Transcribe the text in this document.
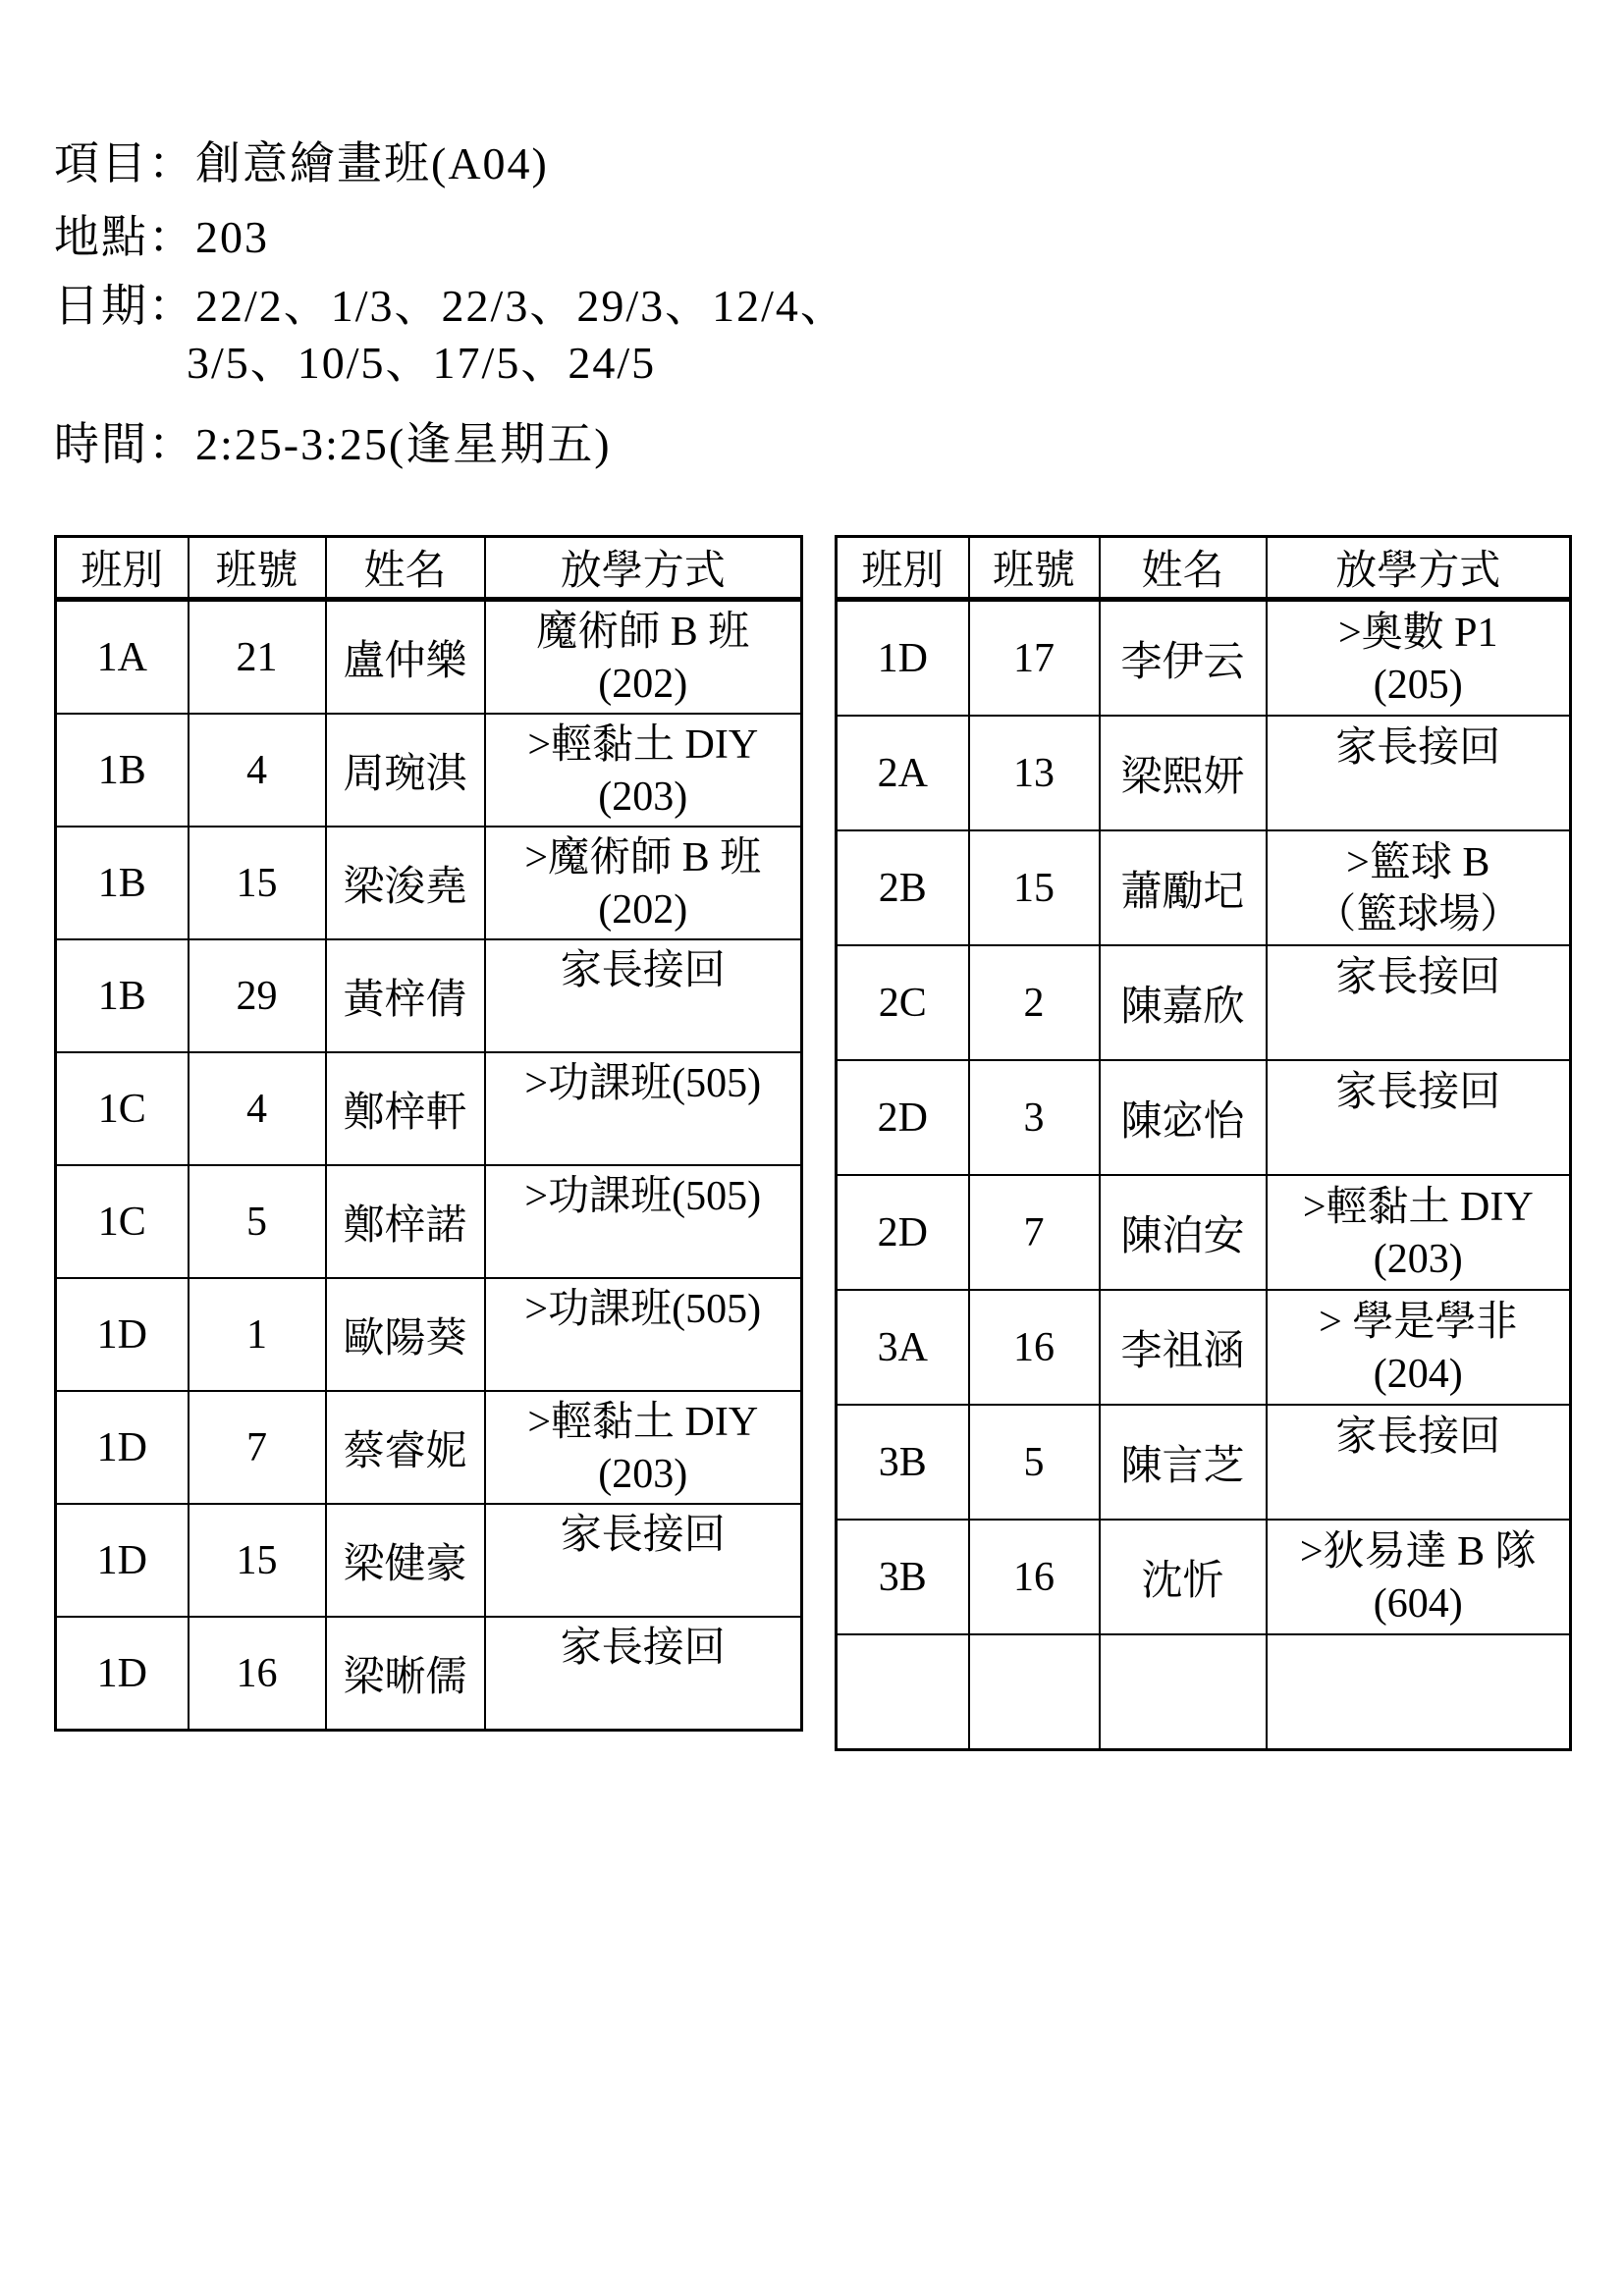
項目：創意繪畫班(A04)
地點：203
日期：22/2、1/3、22/3、29/3、12/4、
3/5、10/5、17/5、24/5
時間：2:25-3:25(逢星期五)
班別	班號	姓名	放學方式
1A	21	盧仲樂	魔術師 B 班
(202)

1B	4	周琬淇	>輕黏土 DIY
(203)

1B	15	梁浚堯	>魔術師 B 班
(202)

1B	29	黃梓倩	家長接回

1C	4	鄭梓軒	>功課班(505)

1C	5	鄭梓諾	>功課班(505)

1D	1	歐陽葵	>功課班(505)

1D	7	蔡睿妮	>輕黏土 DIY
(203)

1D	15	梁健豪	家長接回

1D	16	梁晰儒	家長接回
班別	班號	姓名	放學方式
1D	17	李伊云	>奧數 P1
(205)

2A	13	梁熙妍	家長接回

2B	15	蕭勵圮	>籃球 B
（籃球場）

2C	2	陳嘉欣	家長接回

2D	3	陳宓怡	家長接回

2D	7	陳泊安	>輕黏土 DIY
(203)

3A	16	李祖涵	> 學是學非
(204)

3B	5	陳言芝	家長接回

3B	16	沈忻	>狄易達 B 隊
(604)
